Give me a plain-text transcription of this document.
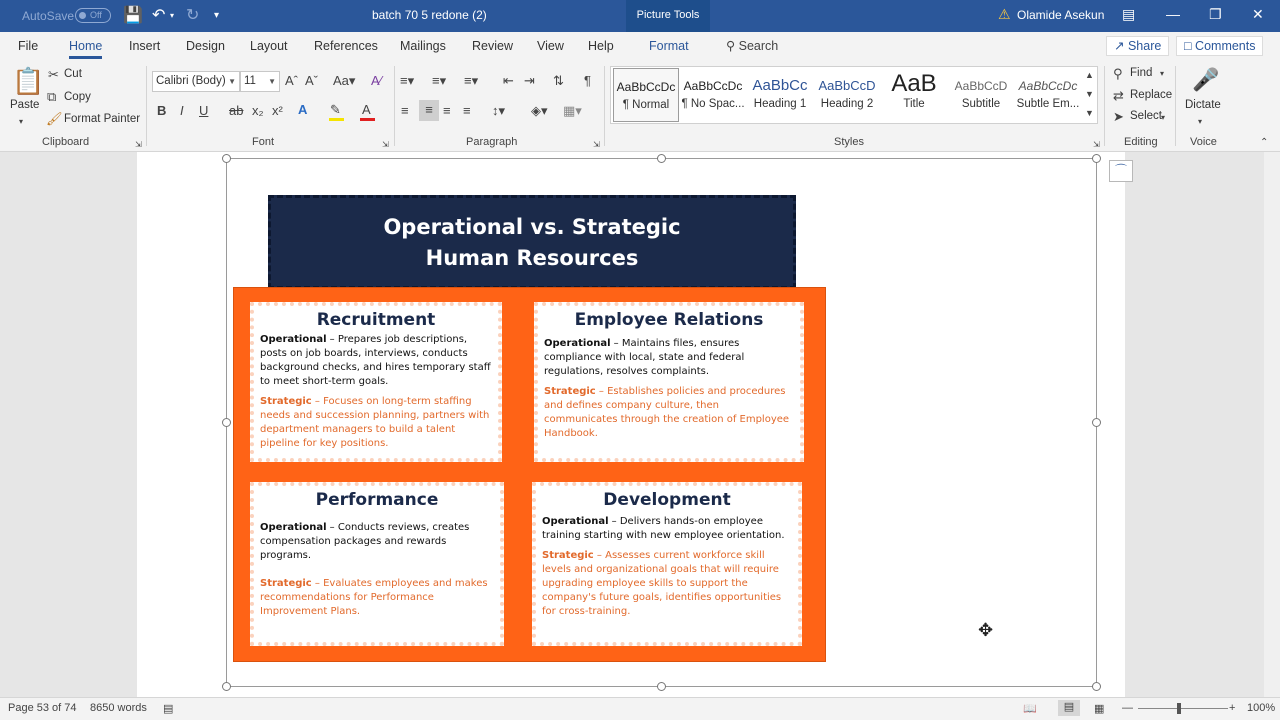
AutoSave	Off	💾 ↶ ▾ ↻ ▾	batch 70 5 redone (2)	Picture Tools	⚠ Olamide Asekun ▤ — ❐ ✕
File Home Insert Design Layout References Mailings Review View Help	Format	⚲ Search	↗ Share	□ Comments
📋
Paste
▾
✂ Cut
⧉ Copy
🖌 Format Painter
Clipboard	⇲
Calibri (Body) ▼ 11 ▼ Aˆ Aˇ Aa▾ A∕
B I U ab x₂ x² A ✎ A
Font	⇲
≡▾ ≡▾ ≡▾ ⇤ ⇥ ⇅ ¶
≡	≡ ≡ ≡ ↕▾ ◈▾ ▦▾
Paragraph	⇲
AaBbCcDc
¶ Normal
AaBbCcDc
¶ No Spac...
AaBbCc
Heading 1
AaBbCcD
Heading 2
AaB
Title
AaBbCcD
Subtitle
AaBbCcDc
Subtle Em...
▲
▼
▼
Styles	⇲
⚲ Find ▾
⇄ Replace
➤ Select ▾
Editing
🎤
Dictate
▾
Voice	⌃
⌒
Operational vs. Strategic
Human Resources
Recruitment

Operational – Prepares job descriptions, posts on job boards, interviews, conducts background checks, and hires temporary staff to meet short-term goals.

Strategic – Focuses on long-term staffing needs and succession planning, partners with department managers to build a talent pipeline for key positions.

Employee Relations

Operational – Maintains files, ensures compliance with local, state and federal regulations, resolves complaints.

Strategic – Establishes policies and procedures and defines company culture, then communicates through the creation of Employee Handbook.

Performance

Operational – Conducts reviews, creates compensation packages and rewards programs.

Strategic – Evaluates employees and makes recommendations for Performance Improvement Plans.

Development

Operational – Delivers hands-on employee training starting with new employee orientation.

Strategic – Assesses current workforce skill levels and organizational goals that will require upgrading employee skills to support the company's future goals, identifies opportunities for cross-training.

✥
Page 53 of 74 8650 words ▤	📖	▤	▦ —	+ 100%
